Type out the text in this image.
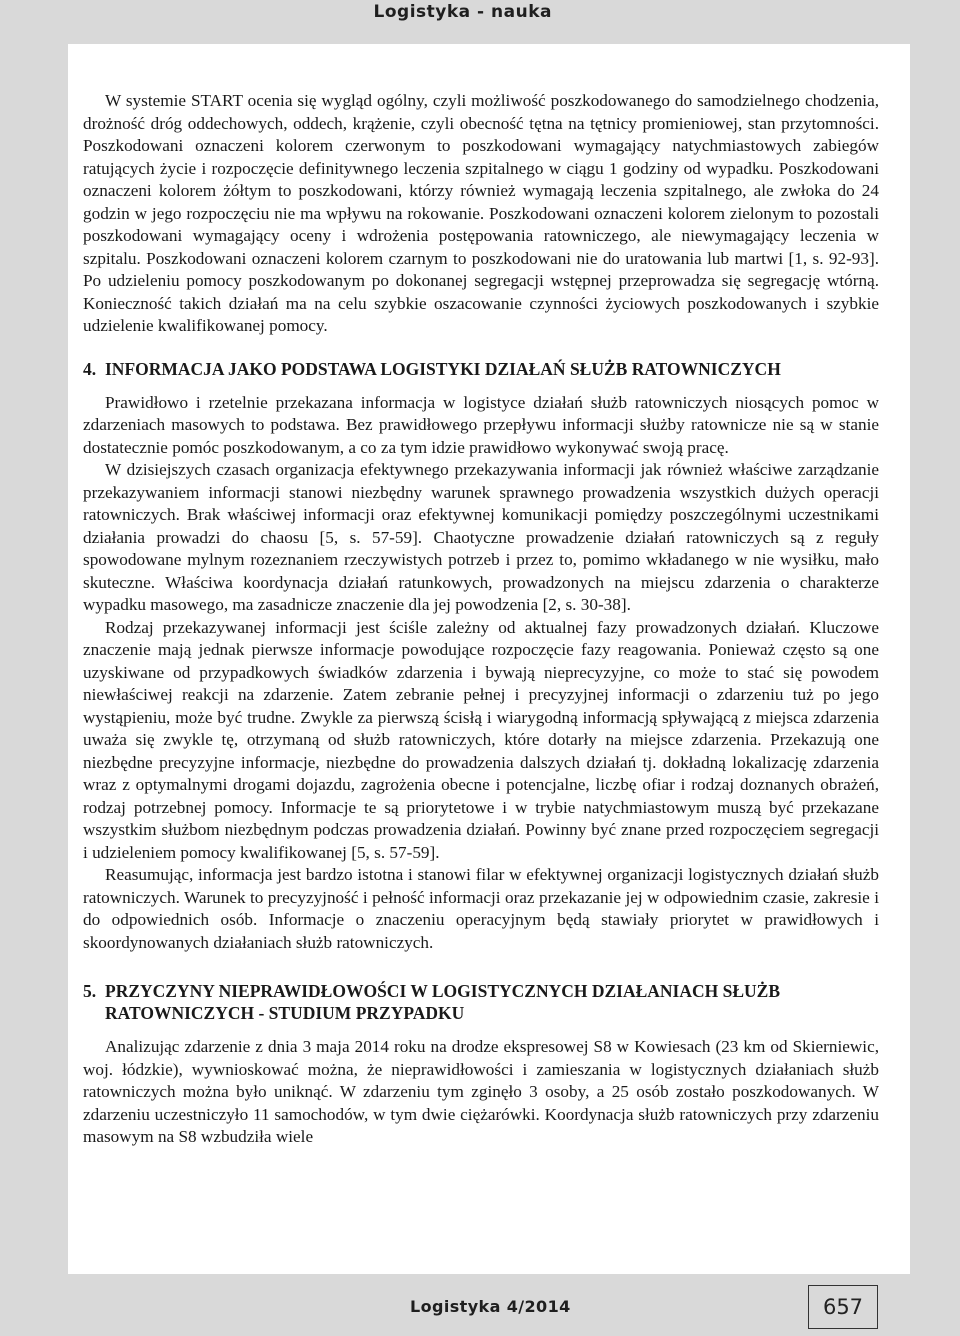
Logistyka - nauka

W systemie START ocenia się wygląd ogólny, czyli możliwość poszkodowanego do samodzielnego chodzenia, drożność dróg oddechowych, oddech, krążenie, czyli obecność tętna na tętnicy promieniowej, stan przytomności. Poszkodowani oznaczeni kolorem czerwonym to poszkodowani wymagający natychmiastowych zabiegów ratujących życie i rozpoczęcie definitywnego leczenia szpitalnego w ciągu 1 godziny od wypadku. Poszkodowani oznaczeni kolorem żółtym to poszkodowani, którzy również wymagają leczenia szpitalnego, ale zwłoka do 24 godzin w jego rozpoczęciu nie ma wpływu na rokowanie. Poszkodowani oznaczeni kolorem zielonym to pozostali poszkodowani wymagający oceny i wdrożenia postępowania ratowniczego, ale niewymagający leczenia w szpitalu. Poszkodowani oznaczeni kolorem czarnym to poszkodowani nie do uratowania lub martwi [1, s. 92-93]. Po udzieleniu pomocy poszkodowanym po dokonanej segregacji wstępnej przeprowadza się segregację wtórną. Konieczność takich działań ma na celu szybkie oszacowanie czynności życiowych poszkodowanych i szybkie udzielenie kwalifikowanej pomocy.

4. INFORMACJA JAKO PODSTAWA LOGISTYKI DZIAŁAŃ SŁUŻB RATOWNICZYCH

Prawidłowo i rzetelnie przekazana informacja w logistyce działań służb ratowniczych niosących pomoc w zdarzeniach masowych to podstawa. Bez prawidłowego przepływu informacji służby ratownicze nie są w stanie dostatecznie pomóc poszkodowanym, a co za tym idzie prawidłowo wykonywać swoją pracę.

W dzisiejszych czasach organizacja efektywnego przekazywania informacji jak również właściwe zarządzanie przekazywaniem informacji stanowi niezbędny warunek sprawnego prowadzenia wszystkich dużych operacji ratowniczych. Brak właściwej informacji oraz efektywnej komunikacji pomiędzy poszczególnymi uczestnikami działania prowadzi do chaosu [5, s. 57-59]. Chaotyczne prowadzenie działań ratowniczych są z reguły spowodowane mylnym rozeznaniem rzeczywistych potrzeb i przez to, pomimo wkładanego w nie wysiłku, mało skuteczne. Właściwa koordynacja działań ratunkowych, prowadzonych na miejscu zdarzenia o charakterze wypadku masowego, ma zasadnicze znaczenie dla jej powodzenia [2, s. 30-38].

Rodzaj przekazywanej informacji jest ściśle zależny od aktualnej fazy prowadzonych działań. Kluczowe znaczenie mają jednak pierwsze informacje powodujące rozpoczęcie fazy reagowania. Ponieważ często są one uzyskiwane od przypadkowych świadków zdarzenia i bywają nieprecyzyjne, co może to stać się powodem niewłaściwej reakcji na zdarzenie. Zatem zebranie pełnej i precyzyjnej informacji o zdarzeniu tuż po jego wystąpieniu, może być trudne. Zwykle za pierwszą ścisłą i wiarygodną informacją spływającą z miejsca zdarzenia uważa się zwykle tę, otrzymaną od służb ratowniczych, które dotarły na miejsce zdarzenia. Przekazują one niezbędne precyzyjne informacje, niezbędne do prowadzenia dalszych działań tj. dokładną lokalizację zdarzenia wraz z optymalnymi drogami dojazdu, zagrożenia obecne i potencjalne, liczbę ofiar i rodzaj doznanych obrażeń, rodzaj potrzebnej pomocy. Informacje te są priorytetowe i w trybie natychmiastowym muszą być przekazane wszystkim służbom niezbędnym podczas prowadzenia działań. Powinny być znane przed rozpoczęciem segregacji i udzieleniem pomocy kwalifikowanej [5, s. 57-59].

Reasumując, informacja jest bardzo istotna i stanowi filar w efektywnej organizacji logistycznych działań służb ratowniczych. Warunek to precyzyjność i pełność informacji oraz przekazanie jej w odpowiednim czasie, zakresie i do odpowiednich osób. Informacje o znaczeniu operacyjnym będą stawiały priorytet w prawidłowych i skoordynowanych działaniach służb ratowniczych.

5. PRZYCZYNY NIEPRAWIDŁOWOŚCI W LOGISTYCZNYCH DZIAŁANIACH SŁUŻB RATOWNICZYCH - STUDIUM PRZYPADKU

Analizując zdarzenie z dnia 3 maja 2014 roku na drodze ekspresowej S8 w Kowiesach (23 km od Skierniewic, woj. łódzkie), wywnioskować można, że nieprawidłowości i zamieszania w logistycznych działaniach służb ratowniczych można było uniknąć. W zdarzeniu tym zginęło 3 osoby, a 25 osób zostało poszkodowanych. W zdarzeniu uczestniczyło 11 samochodów, w tym dwie ciężarówki. Koordynacja służb ratowniczych przy zdarzeniu masowym na S8 wzbudziła wiele

Logistyka 4/2014	657
